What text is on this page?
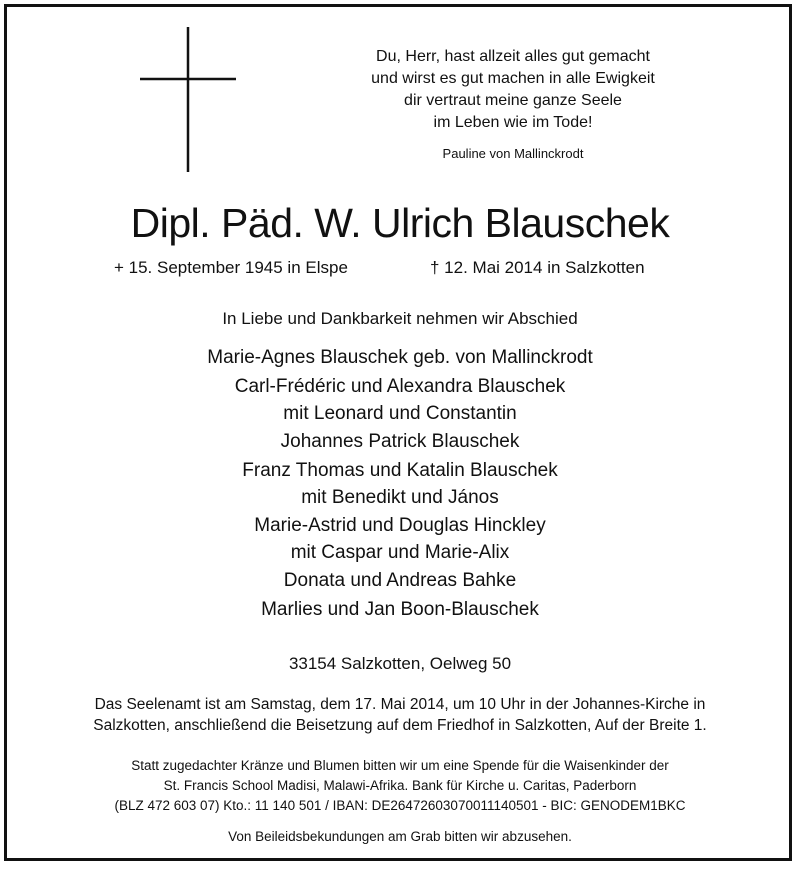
Du, Herr, hast allzeit alles gut gemacht
und wirst es gut machen in alle Ewigkeit
dir vertraut meine ganze Seele
im Leben wie im Tode!
Pauline von Mallinckrodt
Dipl. Päd. W. Ulrich Blauschek
+ 15. September 1945 in Elspe	† 12. Mai 2014 in Salzkotten
In Liebe und Dankbarkeit nehmen wir Abschied
Marie-Agnes Blauschek geb. von Mallinckrodt
Carl-Frédéric und Alexandra Blauschek
mit Leonard und Constantin
Johannes Patrick Blauschek
Franz Thomas und Katalin Blauschek
mit Benedikt und János
Marie-Astrid und Douglas Hinckley
mit Caspar und Marie-Alix
Donata und Andreas Bahke
Marlies und Jan Boon-Blauschek
33154 Salzkotten, Oelweg 50
Das Seelenamt ist am Samstag, dem 17. Mai 2014, um 10 Uhr in der Johannes-Kirche in
Salzkotten, anschließend die Beisetzung auf dem Friedhof in Salzkotten, Auf der Breite 1.
Statt zugedachter Kränze und Blumen bitten wir um eine Spende für die Waisenkinder der
St. Francis School Madisi, Malawi-Afrika. Bank für Kirche u. Caritas, Paderborn
(BLZ 472 603 07) Kto.: 11 140 501 / IBAN: DE26472603070011140501 - BIC: GENODEM1BKC
Von Beileidsbekundungen am Grab bitten wir abzusehen.
